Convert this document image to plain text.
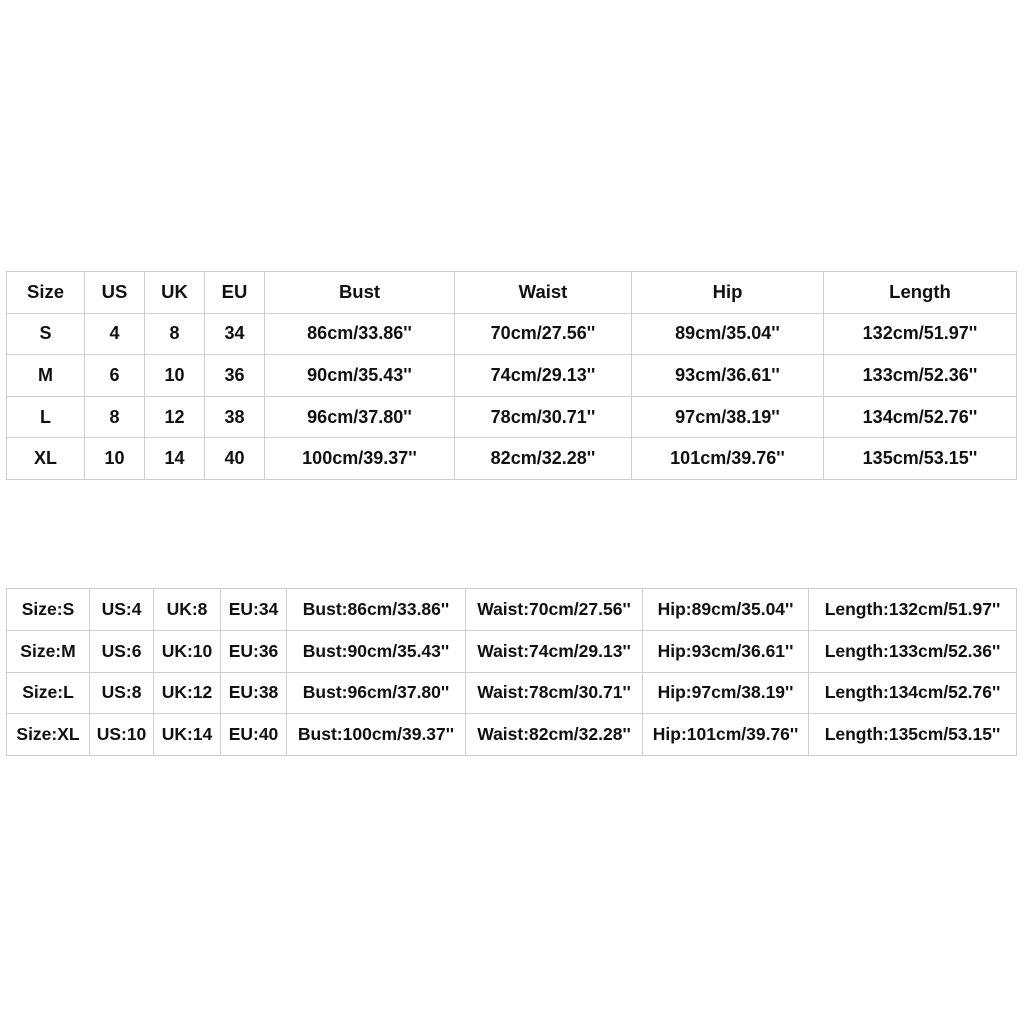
Size	US	UK	EU	Bust	Waist	Hip	Length
S	4	8	34	86cm/33.86''	70cm/27.56''	89cm/35.04''	132cm/51.97''
M	6	10	36	90cm/35.43''	74cm/29.13''	93cm/36.61''	133cm/52.36''
L	8	12	38	96cm/37.80''	78cm/30.71''	97cm/38.19''	134cm/52.76''
XL	10	14	40	100cm/39.37''	82cm/32.28''	101cm/39.76''	135cm/53.15''
Size:S	US:4	UK:8	EU:34	Bust:86cm/33.86''	Waist:70cm/27.56''	Hip:89cm/35.04''	Length:132cm/51.97''
Size:M	US:6	UK:10	EU:36	Bust:90cm/35.43''	Waist:74cm/29.13''	Hip:93cm/36.61''	Length:133cm/52.36''
Size:L	US:8	UK:12	EU:38	Bust:96cm/37.80''	Waist:78cm/30.71''	Hip:97cm/38.19''	Length:134cm/52.76''
Size:XL	US:10	UK:14	EU:40	Bust:100cm/39.37''	Waist:82cm/32.28''	Hip:101cm/39.76''	Length:135cm/53.15''
